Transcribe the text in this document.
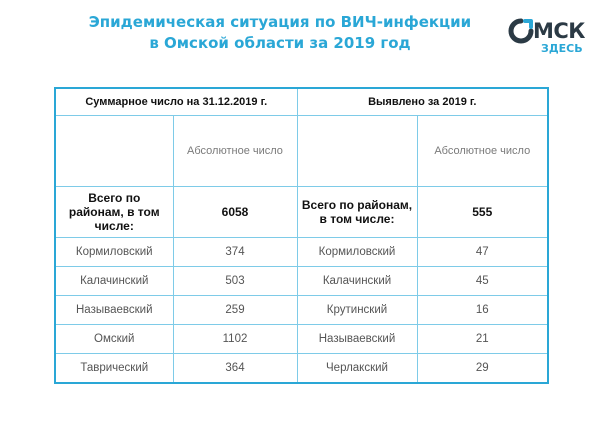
Эпидемическая ситуация по ВИЧ-инфекции
в Омской области за 2019 год	МСК
ЗДЕСЬ
Суммарное число на 31.12.2019 г.		Выявлено за 2019 г.	
	Абсолютное число		Абсолютное число
Всего по районам, в том числе:	6058	Всего по районам, в том числе:	555
Кормиловский	374	Кормиловский	47
Калачинский	503	Калачинский	45
Называевский	259	Крутинский	16
Омский	1102	Называевский	21
Таврический	364	Черлакский	29
